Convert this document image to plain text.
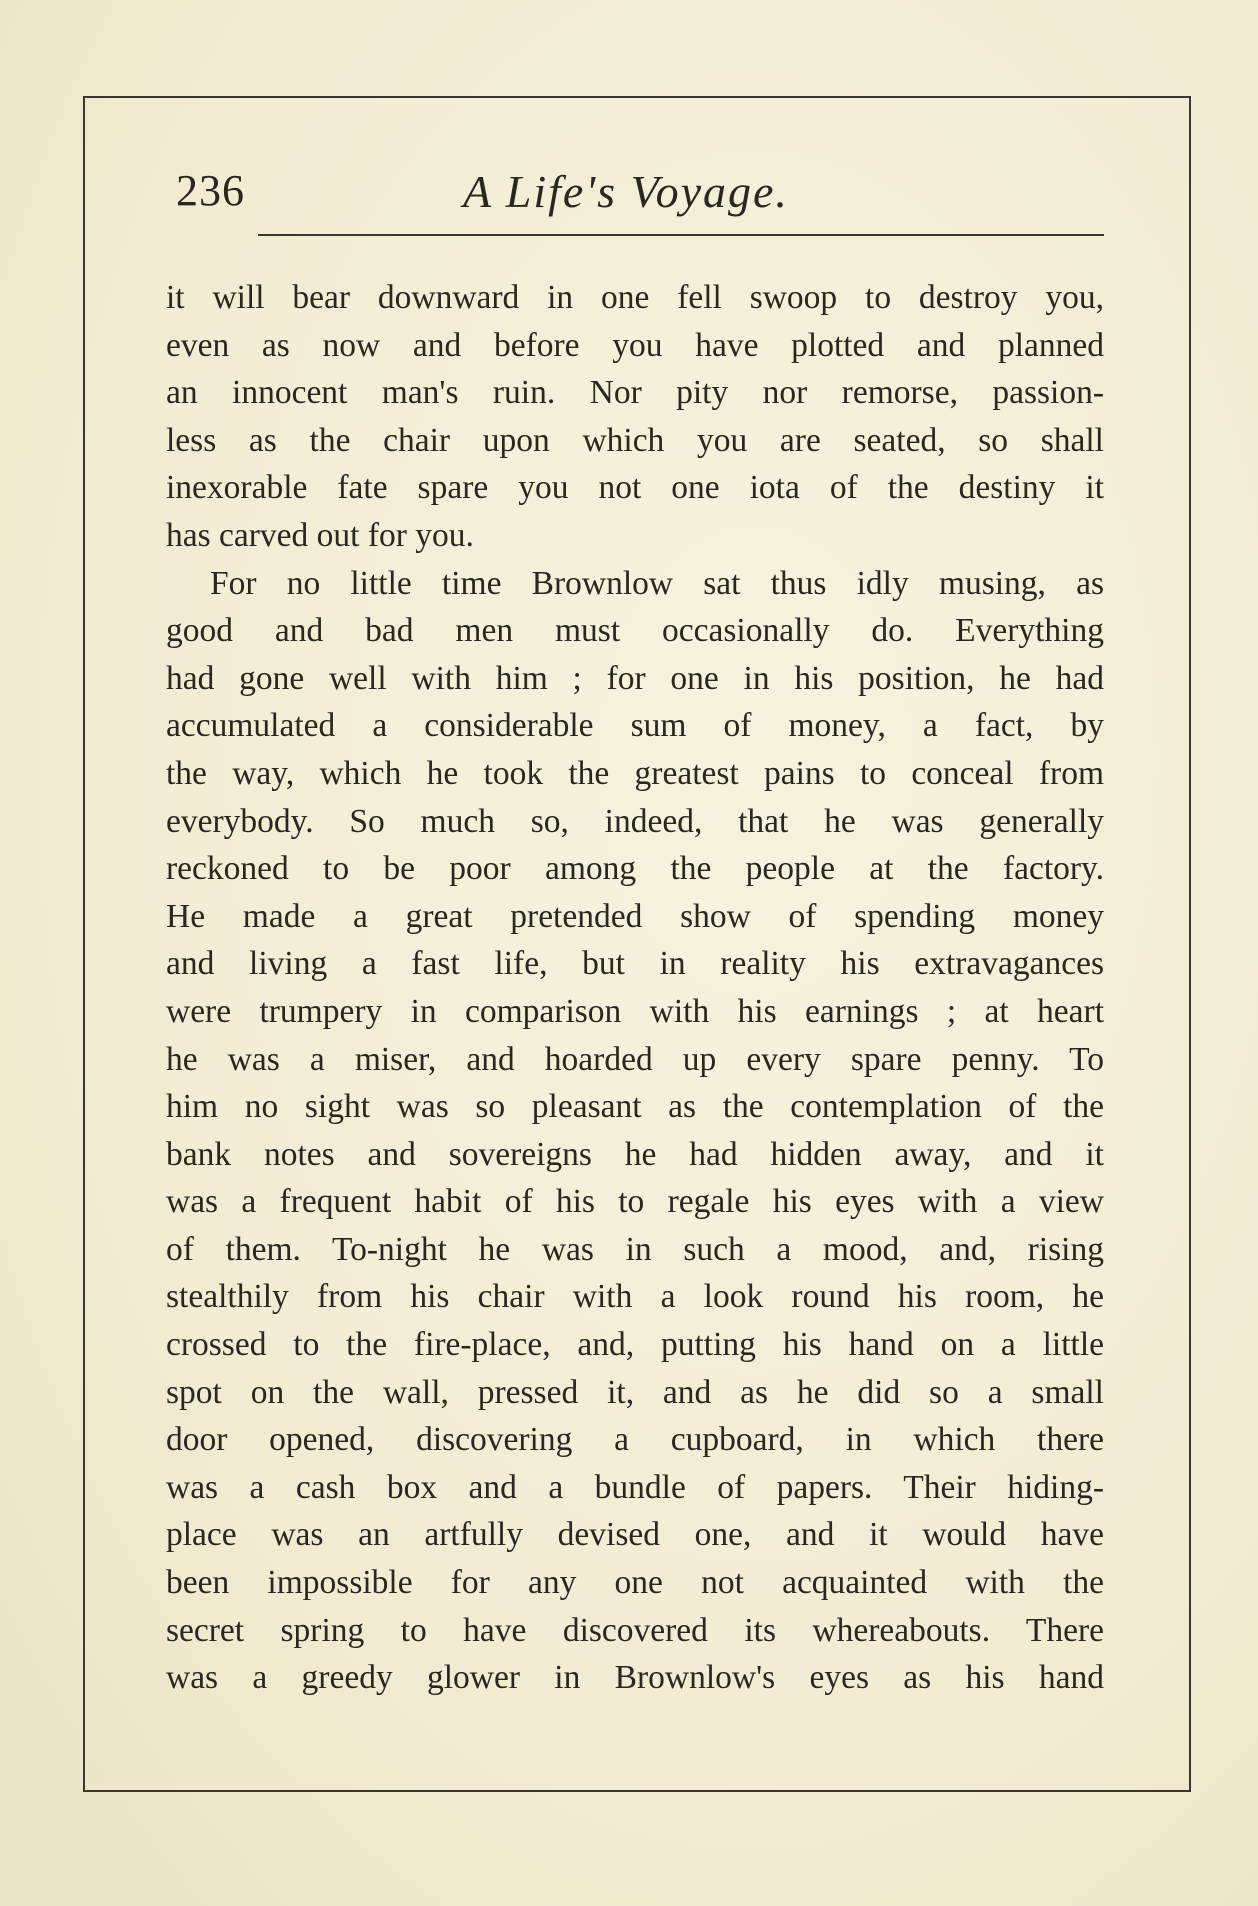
236	A Life's Voyage.
it will bear downward in one fell swoop to destroy you,
even as now and before you have plotted and planned
an innocent man's ruin. Nor pity nor remorse, passion-
less as the chair upon which you are seated, so shall
inexorable fate spare you not one iota of the destiny it
has carved out for you.
For no little time Brownlow sat thus idly musing, as
good and bad men must occasionally do. Everything
had gone well with him ; for one in his position, he had
accumulated a considerable sum of money, a fact, by
the way, which he took the greatest pains to conceal from
everybody. So much so, indeed, that he was generally
reckoned to be poor among the people at the factory.
He made a great pretended show of spending money
and living a fast life, but in reality his extravagances
were trumpery in comparison with his earnings ; at heart
he was a miser, and hoarded up every spare penny. To
him no sight was so pleasant as the contemplation of the
bank notes and sovereigns he had hidden away, and it
was a frequent habit of his to regale his eyes with a view
of them. To-night he was in such a mood, and, rising
stealthily from his chair with a look round his room, he
crossed to the fire-place, and, putting his hand on a little
spot on the wall, pressed it, and as he did so a small
door opened, discovering a cupboard, in which there
was a cash box and a bundle of papers. Their hiding-
place was an artfully devised one, and it would have
been impossible for any one not acquainted with the
secret spring to have discovered its whereabouts. There
was a greedy glower in Brownlow's eyes as his hand
